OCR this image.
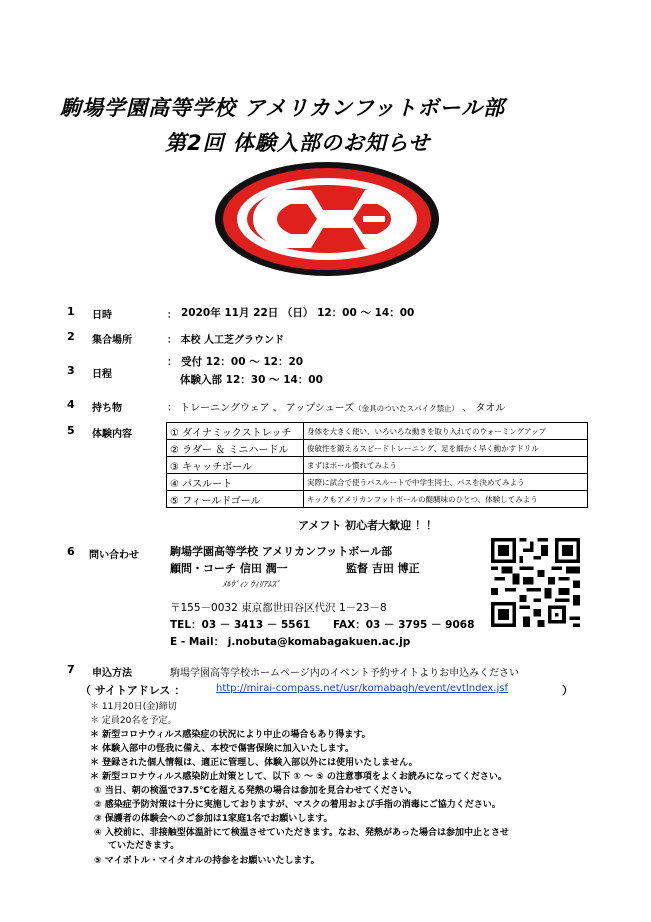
駒場学園高等学校 アメリカンフットボール部
第2回 体験入部のお知らせ
1 日時	： 2020年 11月 22日 （日） 12：00 ～ 14：00
2 集合場所	： 本校 人工芝グラウンド
3 日程
： 受付 12：00 ～ 12：20
体験入部 12：30 ～ 14：00
4 持ち物	： トレーニングウェア 、 アップシューズ（金具のついたスパイク禁止） 、 タオル
5 体験内容	① ダイナミックストレッチ	身体を大きく使い、いろいろな動きを取り入れてのウォーミングアップ
② ラダー ＆ ミニハードル	俊敏性を鍛えるスピードトレーニング、足を細かく早く動かすドリル
③ キャッチボール	まずはボール慣れてみよう
④ パスルート	実際に試合で使うパスルートで中学生同士、パスを決めてみよう
⑤ フィールドゴール	キックもアメリカンフットボールの醍醐味のひとつ、体験してみよう
アメフト 初心者大歓迎 ！！
6 問い合わせ	駒場学園高等学校 アメリカンフットボール部
顧問・コーチ 信田 潤一	監督 吉田 博正
ﾒﾙｳﾞｨﾝ ｳｨﾘｱﾑｽﾞ
〒155－0032 東京都世田谷区代沢 1－23－8
TEL：03 － 3413 － 5561 FAX：03 － 3795 － 9068
E - Mail： j.nobuta@komabagakuen.ac.jp
7 申込方法	駒場学園高等学校ホームページ内のイベント予約サイトよりお申込みください
（ サイトアドレス ：	http://mirai-compass.net/usr/komabagh/event/evtIndex.jsf	）
＊ 11月20日(金)締切
＊ 定員20名を予定。
＊ 新型コロナウィルス感染症の状況により中止の場合もあり得ます。
＊ 体験入部中の怪我に備え、本校で傷害保険に加入いたします。
＊ 登録された個人情報は、適正に管理し、体験入部以外には使用いたしません。
＊ 新型コロナウィルス感染防止対策として、以下 ① ～ ⑤ の注意事項をよくお読みになってください。
① 当日、朝の検温で37.5℃を超える発熱の場合は参加を見合わせてください。
② 感染症予防対策は十分に実施しておりますが、マスクの着用および手指の消毒にご協力ください。
③ 保護者の体験会へのご参加は1家庭1名でお願いします。
④ 入校前に、非接触型体温計にて検温させていただきます。なお、発熱があった場合は参加中止とさせ
ていただきます。
⑤ マイボトル・マイタオルの持参をお願いいたします。
